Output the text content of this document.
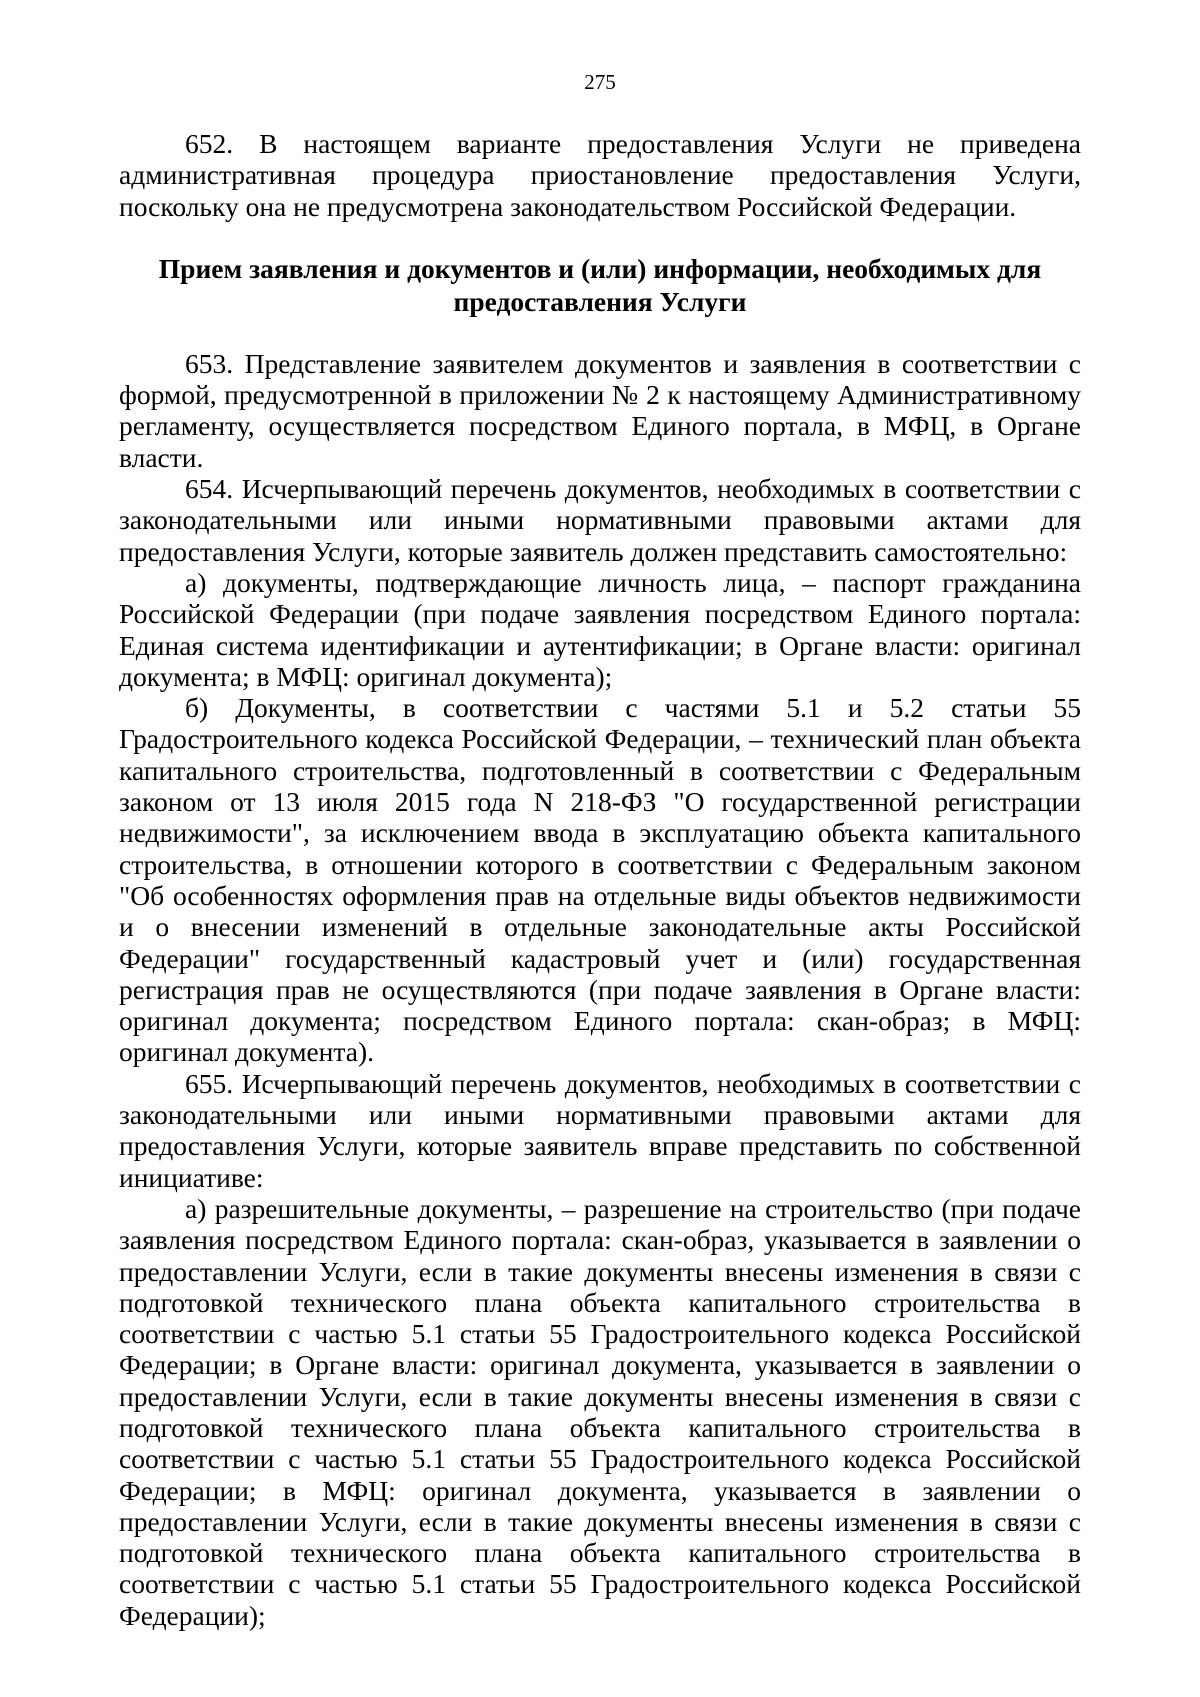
275

652. В настоящем варианте предоставления Услуги не приведена административная процедура приостановление предоставления Услуги, поскольку она не предусмотрена законодательством Российской Федерации.

Прием заявления и документов и (или) информации, необходимых для предоставления Услуги

653. Представление заявителем документов и заявления в соответствии с формой, предусмотренной в приложении № 2 к настоящему Административному регламенту, осуществляется посредством Единого портала, в МФЦ, в Органе власти.

654. Исчерпывающий перечень документов, необходимых в соответствии с законодательными или иными нормативными правовыми актами для предоставления Услуги, которые заявитель должен представить самостоятельно:

а) документы, подтверждающие личность лица, – паспорт гражданина Российской Федерации (при подаче заявления посредством Единого портала: Единая система идентификации и аутентификации; в Органе власти: оригинал документа; в МФЦ: оригинал документа);

б) Документы, в соответствии с частями 5.1 и 5.2 статьи 55 Градостроительного кодекса Российской Федерации, – технический план объекта капитального строительства, подготовленный в соответствии с Федеральным законом от 13 июля 2015 года N 218-ФЗ "О государственной регистрации недвижимости", за исключением ввода в эксплуатацию объекта капитального строительства, в отношении которого в соответствии с Федеральным законом "Об особенностях оформления прав на отдельные виды объектов недвижимости и о внесении изменений в отдельные законодательные акты Российской Федерации" государственный кадастровый учет и (или) государственная регистрация прав не осуществляются (при подаче заявления в Органе власти: оригинал документа; посредством Единого портала: скан-образ; в МФЦ: оригинал документа).

655. Исчерпывающий перечень документов, необходимых в соответствии с законодательными или иными нормативными правовыми актами для предоставления Услуги, которые заявитель вправе представить по собственной инициативе:

а) разрешительные документы, – разрешение на строительство (при подаче заявления посредством Единого портала: скан-образ, указывается в заявлении о предоставлении Услуги, если в такие документы внесены изменения в связи с подготовкой технического плана объекта капитального строительства в соответствии с частью 5.1 статьи 55 Градостроительного кодекса Российской Федерации; в Органе власти: оригинал документа, указывается в заявлении о предоставлении Услуги, если в такие документы внесены изменения в связи с подготовкой технического плана объекта капитального строительства в соответствии с частью 5.1 статьи 55 Градостроительного кодекса Российской Федерации; в МФЦ: оригинал документа, указывается в заявлении о предоставлении Услуги, если в такие документы внесены изменения в связи с подготовкой технического плана объекта капитального строительства в соответствии с частью 5.1 статьи 55 Градостроительного кодекса Российской Федерации);
